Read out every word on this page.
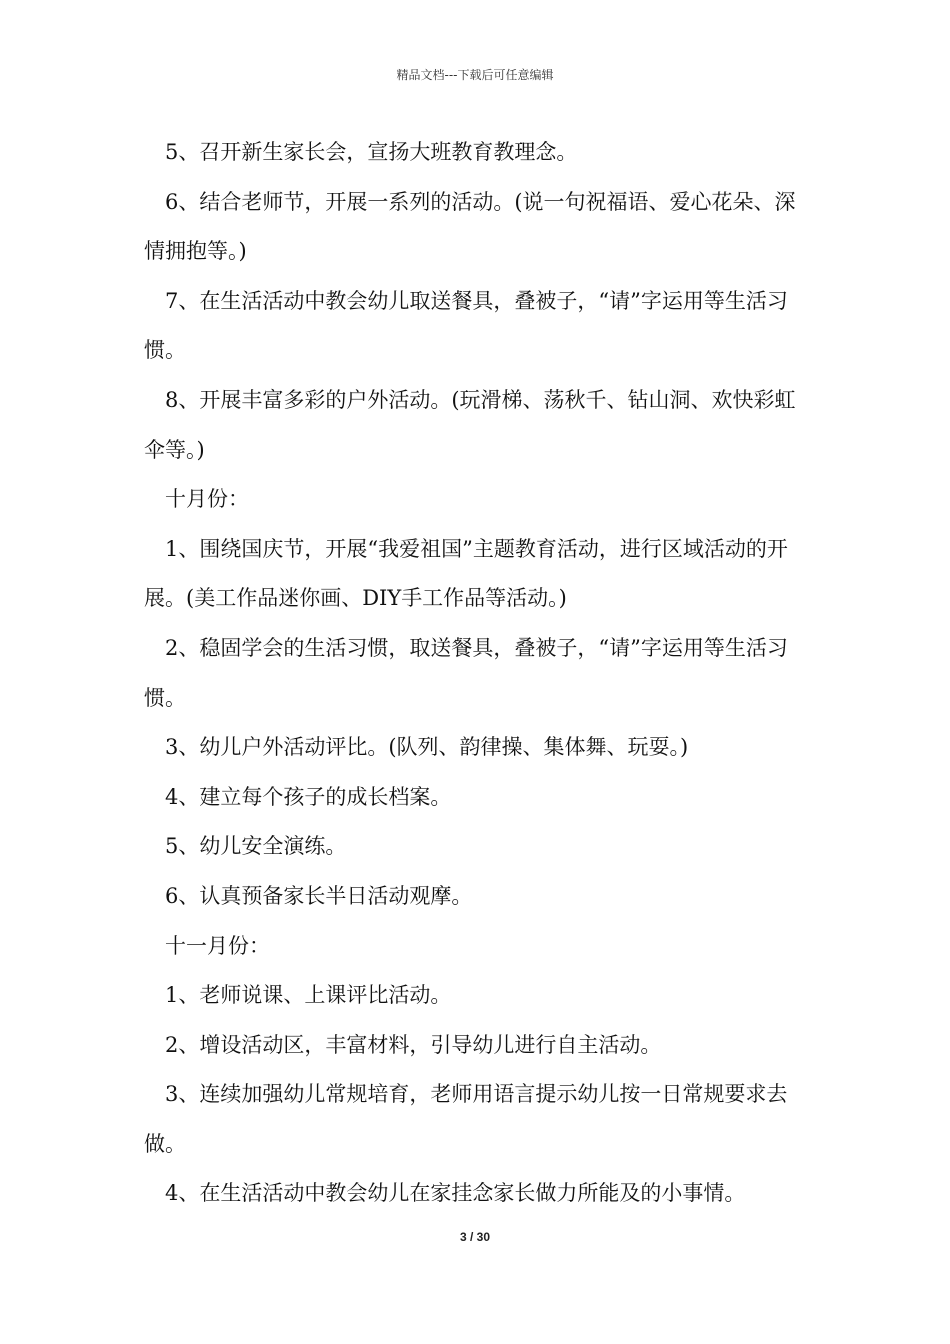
精品文档---下载后可任意编辑

5、召开新生家长会，宣扬大班教育教理念。

6、结合老师节，开展一系列的活动。(说一句祝福语、爱心花朵、深情拥抱等。)

7、在生活活动中教会幼儿取送餐具，叠被子，“请”字运用等生活习惯。

8、开展丰富多彩的户外活动。(玩滑梯、荡秋千、钻山洞、欢快彩虹伞等。)

十月份：

1、围绕国庆节，开展“我爱祖国”主题教育活动，进行区域活动的开展。(美工作品迷你画、DIY手工作品等活动。)

2、稳固学会的生活习惯，取送餐具，叠被子，“请”字运用等生活习惯。

3、幼儿户外活动评比。(队列、韵律操、集体舞、玩耍。)

4、建立每个孩子的成长档案。

5、幼儿安全演练。

6、认真预备家长半日活动观摩。

十一月份：

1、老师说课、上课评比活动。

2、增设活动区，丰富材料，引导幼儿进行自主活动。

3、连续加强幼儿常规培育，老师用语言提示幼儿按一日常规要求去做。

4、在生活活动中教会幼儿在家挂念家长做力所能及的小事情。

3 / 30
